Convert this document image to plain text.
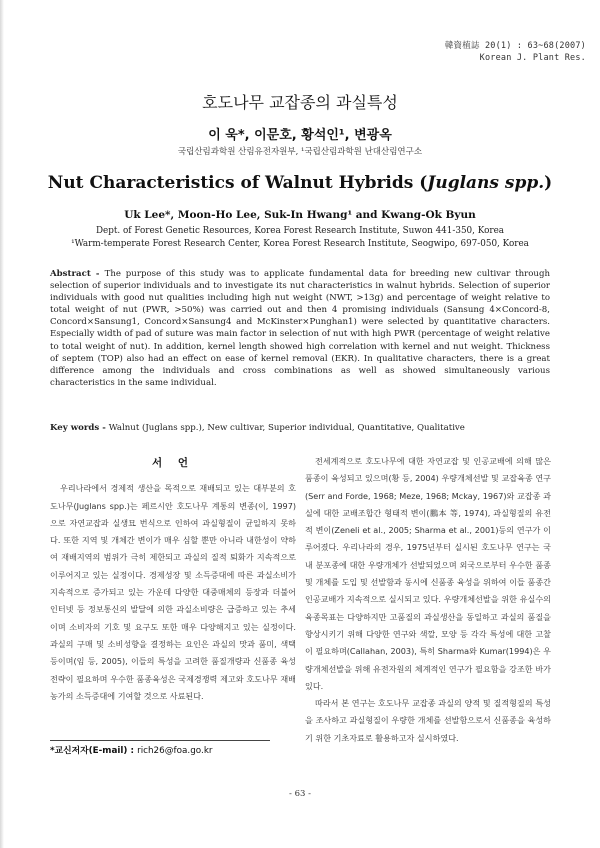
韓資植誌 20(1) : 63~68(2007)
Korean J. Plant Res.
호도나무 교잡종의 과실특성
이 욱*, 이문호, 황석인¹, 변광옥
국립산림과학원 산림유전자원부, ¹국립산림과학원 난대산림연구소
Nut Characteristics of Walnut Hybrids (Juglans spp.)
Uk Lee*, Moon-Ho Lee, Suk-In Hwang¹ and Kwang-Ok Byun
Dept. of Forest Genetic Resources, Korea Forest Research Institute, Suwon 441-350, Korea
¹Warm-temperate Forest Research Center, Korea Forest Research Institute, Seogwipo, 697-050, Korea
Abstract - The purpose of this study was to applicate fundamental data for breeding new cultivar through selection of superior individuals and to investigate its nut characteristics in walnut hybrids. Selection of superior individuals with good nut qualities including high nut weight (NWT, >13g) and percentage of weight relative to total weight of nut (PWR, >50%) was carried out and then 4 promising individuals (Sansung 4×Concord-8, Concord×Sansung1, Concord×Sansung4 and McKinster×Punghan1) were selected by quantitative characters. Especially width of pad of suture was main factor in selection of nut with high PWR (percentage of weight relative to total weight of nut). In addition, kernel length showed high correlation with kernel and nut weight. Thickness of septem (TOP) also had an effect on ease of kernel removal (EKR). In qualitative characters, there is a great difference among the individuals and cross combinations as well as showed simultaneously various characteristics in the same individual.
Key words - Walnut (Juglans spp.), New cultivar, Superior individual, Quantitative, Qualitative
서 언

우리나라에서 경제적 생산을 목적으로 재배되고 있는 대부분의 호도나무(Juglans spp.)는 페르시안 호도나무 계통의 변종(이, 1997)으로 자연교잡과 실생묘 번식으로 인하여 과실형질이 균일하지 못하다. 또한 지역 및 개체간 변이가 매우 심할 뿐만 아니라 내한성이 약하여 재배지역의 범위가 극히 제한되고 과실의 질적 퇴화가 지속적으로 이루어지고 있는 실정이다. 경제성장 및 소득증대에 따른 과실소비가 지속적으로 증가되고 있는 가운데 다양한 대중매체의 등장과 더불어 인터넷 등 정보통신의 발달에 의한 과실소비량은 급증하고 있는 추세이며 소비자의 기호 및 요구도 또한 매우 다양해지고 있는 실정이다. 과실의 구매 및 소비성향을 결정하는 요인은 과실의 맛과 품미, 색택 등이며(임 등, 2005), 이들의 특성을 고려한 품질개량과 신품종 육성전략이 필요하며 우수한 품종육성은 국제경쟁력 제고와 호도나무 재배농가의 소득증대에 기여할 것으로 사료된다.

전세계적으로 호도나무에 대한 자연교잡 및 인공교배에 의해 많은 품종이 육성되고 있으며(황 등, 2004) 우량개체선발 및 교잡육종 연구(Serr and Forde, 1968; Meze, 1968; Mckay, 1967)와 교잡종 과실에 대한 교배조합간 형태적 변이(鵬本 等, 1974), 과실형질의 유전적 변이(Zeneli et al., 2005; Sharma et al., 2001)등의 연구가 이루어졌다. 우리나라의 경우, 1975년부터 실시된 호도나무 연구는 국내 분포종에 대한 우량개체가 선발되었으며 외국으로부터 우수한 품종 및 개체를 도입 및 선발함과 동시에 신품종 육성을 위하여 이들 품종간 인공교배가 지속적으로 실시되고 있다. 우량개체선발을 위한 유실수의 육종목표는 다양하지만 고품질의 과실생산을 동일하고 과실의 품질을 향상시키기 위해 다양한 연구와 색깔, 모양 등 각각 특성에 대한 고찰이 필요하며(Callahan, 2003), 특히 Sharma와 Kumar(1994)은 우량개체선발을 위해 유전자원의 체계적인 연구가 필요함을 강조한 바가 있다.

따라서 본 연구는 호도나무 교잡종 과실의 양적 및 질적형질의 특성을 조사하고 과실형질이 우량한 개체를 선발함으로서 신품종을 육성하기 위한 기초자료로 활용하고자 실시하였다.

*교신저자(E-mail) : rich26@foa.go.kr
- 63 -
